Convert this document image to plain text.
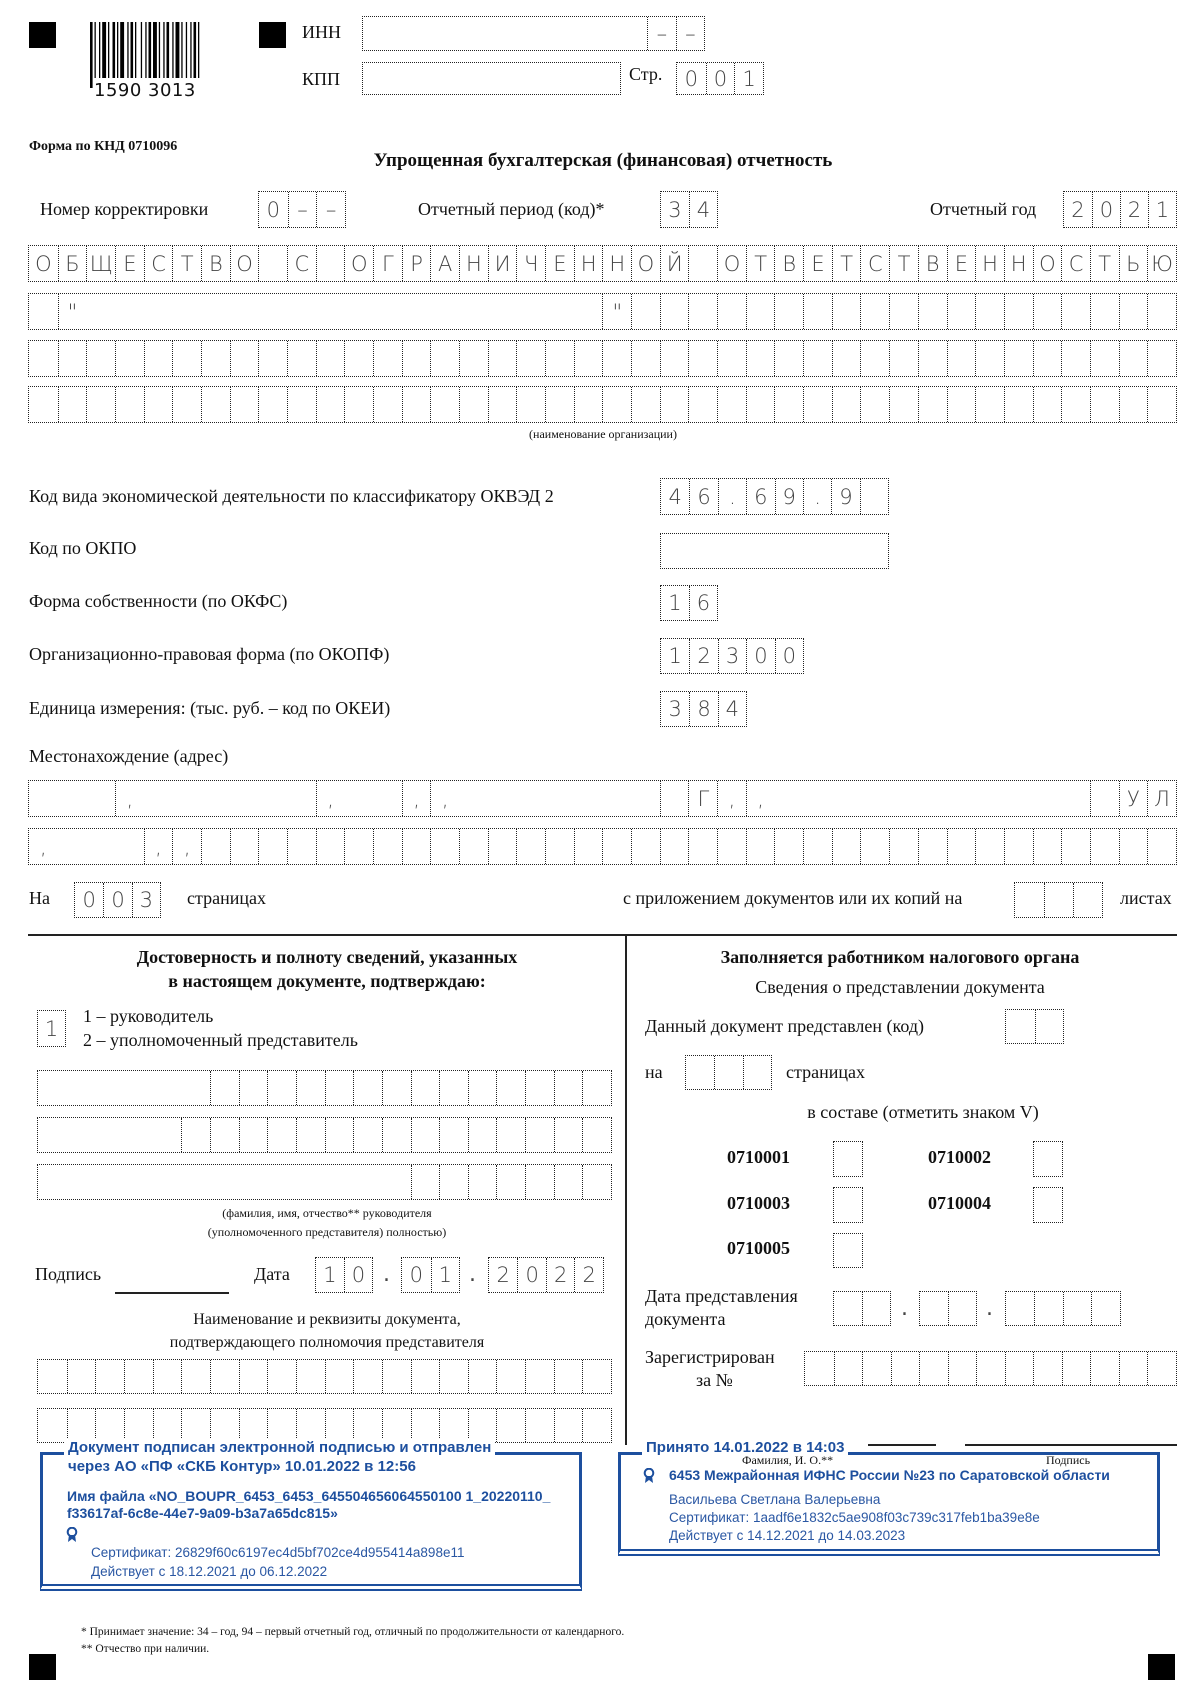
1590 3013
ИНН	– –
КПП	Стр.	0 0 1
Форма по КНД 0710096
Упрощенная бухгалтерская (финансовая) отчетность
Номер корректировки	0 – –	Отчетный период (код)*	3 4	Отчетный год	2 0 2 1
О Б Щ Е С Т В О	С	О Г Р А Н И Ч Е Н Н О Й	О Т В Е Т С Т В Е Н Н О С Т Ь Ю
"	"
(наименование организации)
Код вида экономической деятельности по классификатору ОКВЭД 2	4 6 . 6 9 . 9
Код по ОКПО
Форма собственности (по ОКФС)	1 6
Организационно-правовая форма (по ОКОПФ)	1 2 3 0 0
Единица измерения: (тыс. руб. – код по ОКЕИ)	3 8 4
Местонахождение (адрес)
,	,	,	,	Г ,	,	У Л
,	,	,
На	0 0 3	страницах	с приложением документов или их копий на	листах
Достоверность и полноту сведений, указанных
в настоящем документе, подтверждаю:
1
1 – руководитель
2 – уполномоченный представитель
(фамилия, имя, отчество** руководителя
(уполномоченного представителя) полностью)
Подпись	Дата	1 0 . 0 1 . 2 0 2 2
Наименование и реквизиты документа,
подтверждающего полномочия представителя
Заполняется работником налогового органа
Сведения о представлении документа
Данный документ представлен (код)
на	страницах
в составе (отметить знаком V)
0710001	0710002
0710003	0710004
0710005
Дата представления
документа	.	.
Зарегистрирован
за №
Документ подписан электронной подписью и отправлен
через АО «ПФ «СКБ Контур» 10.01.2022 в 12:56
Имя файла «NO_BOUPR_6453_6453_645504656064550100 1_20220110_
f33617af-6c8e-44e7-9a09-b3a7a65dc815»
Сертификат: 26829f60c6197ec4d5bf702ce4d955414a898e11
Действует с 18.12.2021 до 06.12.2022
Принято 14.01.2022 в 14:03
Фамилия, И. О.**	Подпись
6453 Межрайонная ИФНС России №23 по Саратовской области
Васильева Светлана Валерьевна
Сертификат: 1aadf6e1832c5ae908f03c739c317feb1ba39e8e
Действует с 14.12.2021 до 14.03.2023
* Принимает значение: 34 – год, 94 – первый отчетный год, отличный по продолжительности от календарного.
** Отчество при наличии.
